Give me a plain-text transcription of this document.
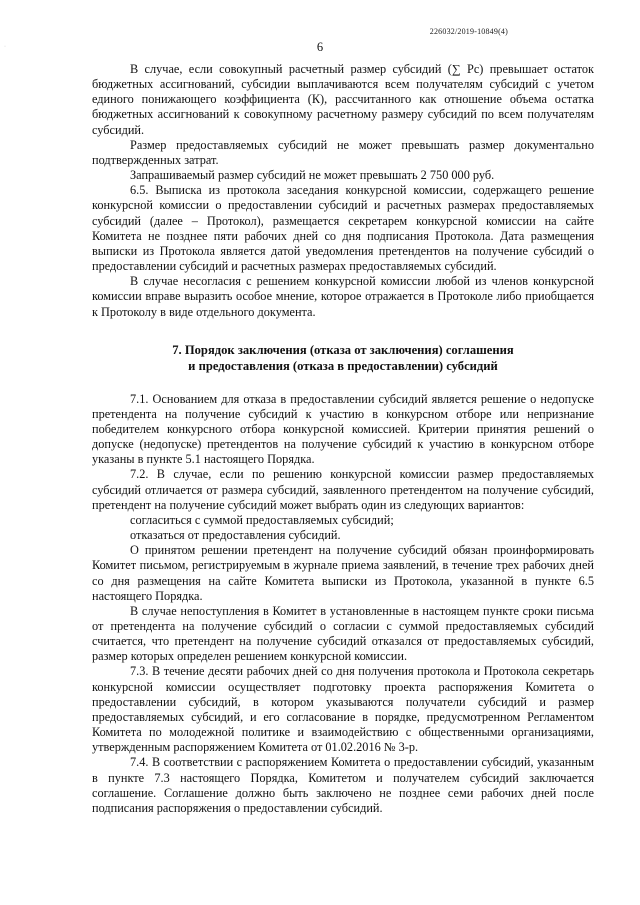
·
226032/2019-10849(4)
6

В случае, если совокупный расчетный размер субсидий (∑ Рс) превышает остаток бюджетных ассигнований, субсидии выплачиваются всем получателям субсидий с учетом единого понижающего коэффициента (К), рассчитанного как отношение объема остатка бюджетных ассигнований к совокупному расчетному размеру субсидий по всем получателям субсидий.

Размер предоставляемых субсидий не может превышать размер документально подтвержденных затрат.

Запрашиваемый размер субсидий не может превышать 2 750 000 руб.

6.5. Выписка из протокола заседания конкурсной комиссии, содержащего решение конкурсной комиссии о предоставлении субсидий и расчетных размерах предоставляемых субсидий (далее – Протокол), размещается секретарем конкурсной комиссии на сайте Комитета не позднее пяти рабочих дней со дня подписания Протокола. Дата размещения выписки из Протокола является датой уведомления претендентов на получение субсидий о предоставлении субсидий и расчетных размерах предоставляемых субсидий.

В случае несогласия с решением конкурсной комиссии любой из членов конкурсной комиссии вправе выразить особое мнение, которое отражается в Протоколе либо приобщается к Протоколу в виде отдельного документа.

7. Порядок заключения (отказа от заключения) соглашения
и предоставления (отказа в предоставлении) субсидий

7.1. Основанием для отказа в предоставлении субсидий является решение о недопуске претендента на получение субсидий к участию в конкурсном отборе или непризнание победителем конкурсного отбора конкурсной комиссией. Критерии принятия решений о допуске (недопуске) претендентов на получение субсидий к участию в конкурсном отборе указаны в пункте 5.1 настоящего Порядка.

7.2. В случае, если по решению конкурсной комиссии размер предоставляемых субсидий отличается от размера субсидий, заявленного претендентом на получение субсидий, претендент на получение субсидий может выбрать один из следующих вариантов:

согласиться с суммой предоставляемых субсидий;

отказаться от предоставления субсидий.

О принятом решении претендент на получение субсидий обязан проинформировать Комитет письмом, регистрируемым в журнале приема заявлений, в течение трех рабочих дней со дня размещения на сайте Комитета выписки из Протокола, указанной в пункте 6.5 настоящего Порядка.

В случае непоступления в Комитет в установленные в настоящем пункте сроки письма от претендента на получение субсидий о согласии с суммой предоставляемых субсидий считается, что претендент на получение субсидий отказался от предоставляемых субсидий, размер которых определен решением конкурсной комиссии.

7.3. В течение десяти рабочих дней со дня получения протокола и Протокола секретарь конкурсной комиссии осуществляет подготовку проекта распоряжения Комитета о предоставлении субсидий, в котором указываются получатели субсидий и размер предоставляемых субсидий, и его согласование в порядке, предусмотренном Регламентом Комитета по молодежной политике и взаимодействию с общественными организациями, утвержденным распоряжением Комитета от 01.02.2016 № 3-р.

7.4. В соответствии с распоряжением Комитета о предоставлении субсидий, указанным в пункте 7.3 настоящего Порядка, Комитетом и получателем субсидий заключается соглашение. Соглашение должно быть заключено не позднее семи рабочих дней после подписания распоряжения о предоставлении субсидий.
